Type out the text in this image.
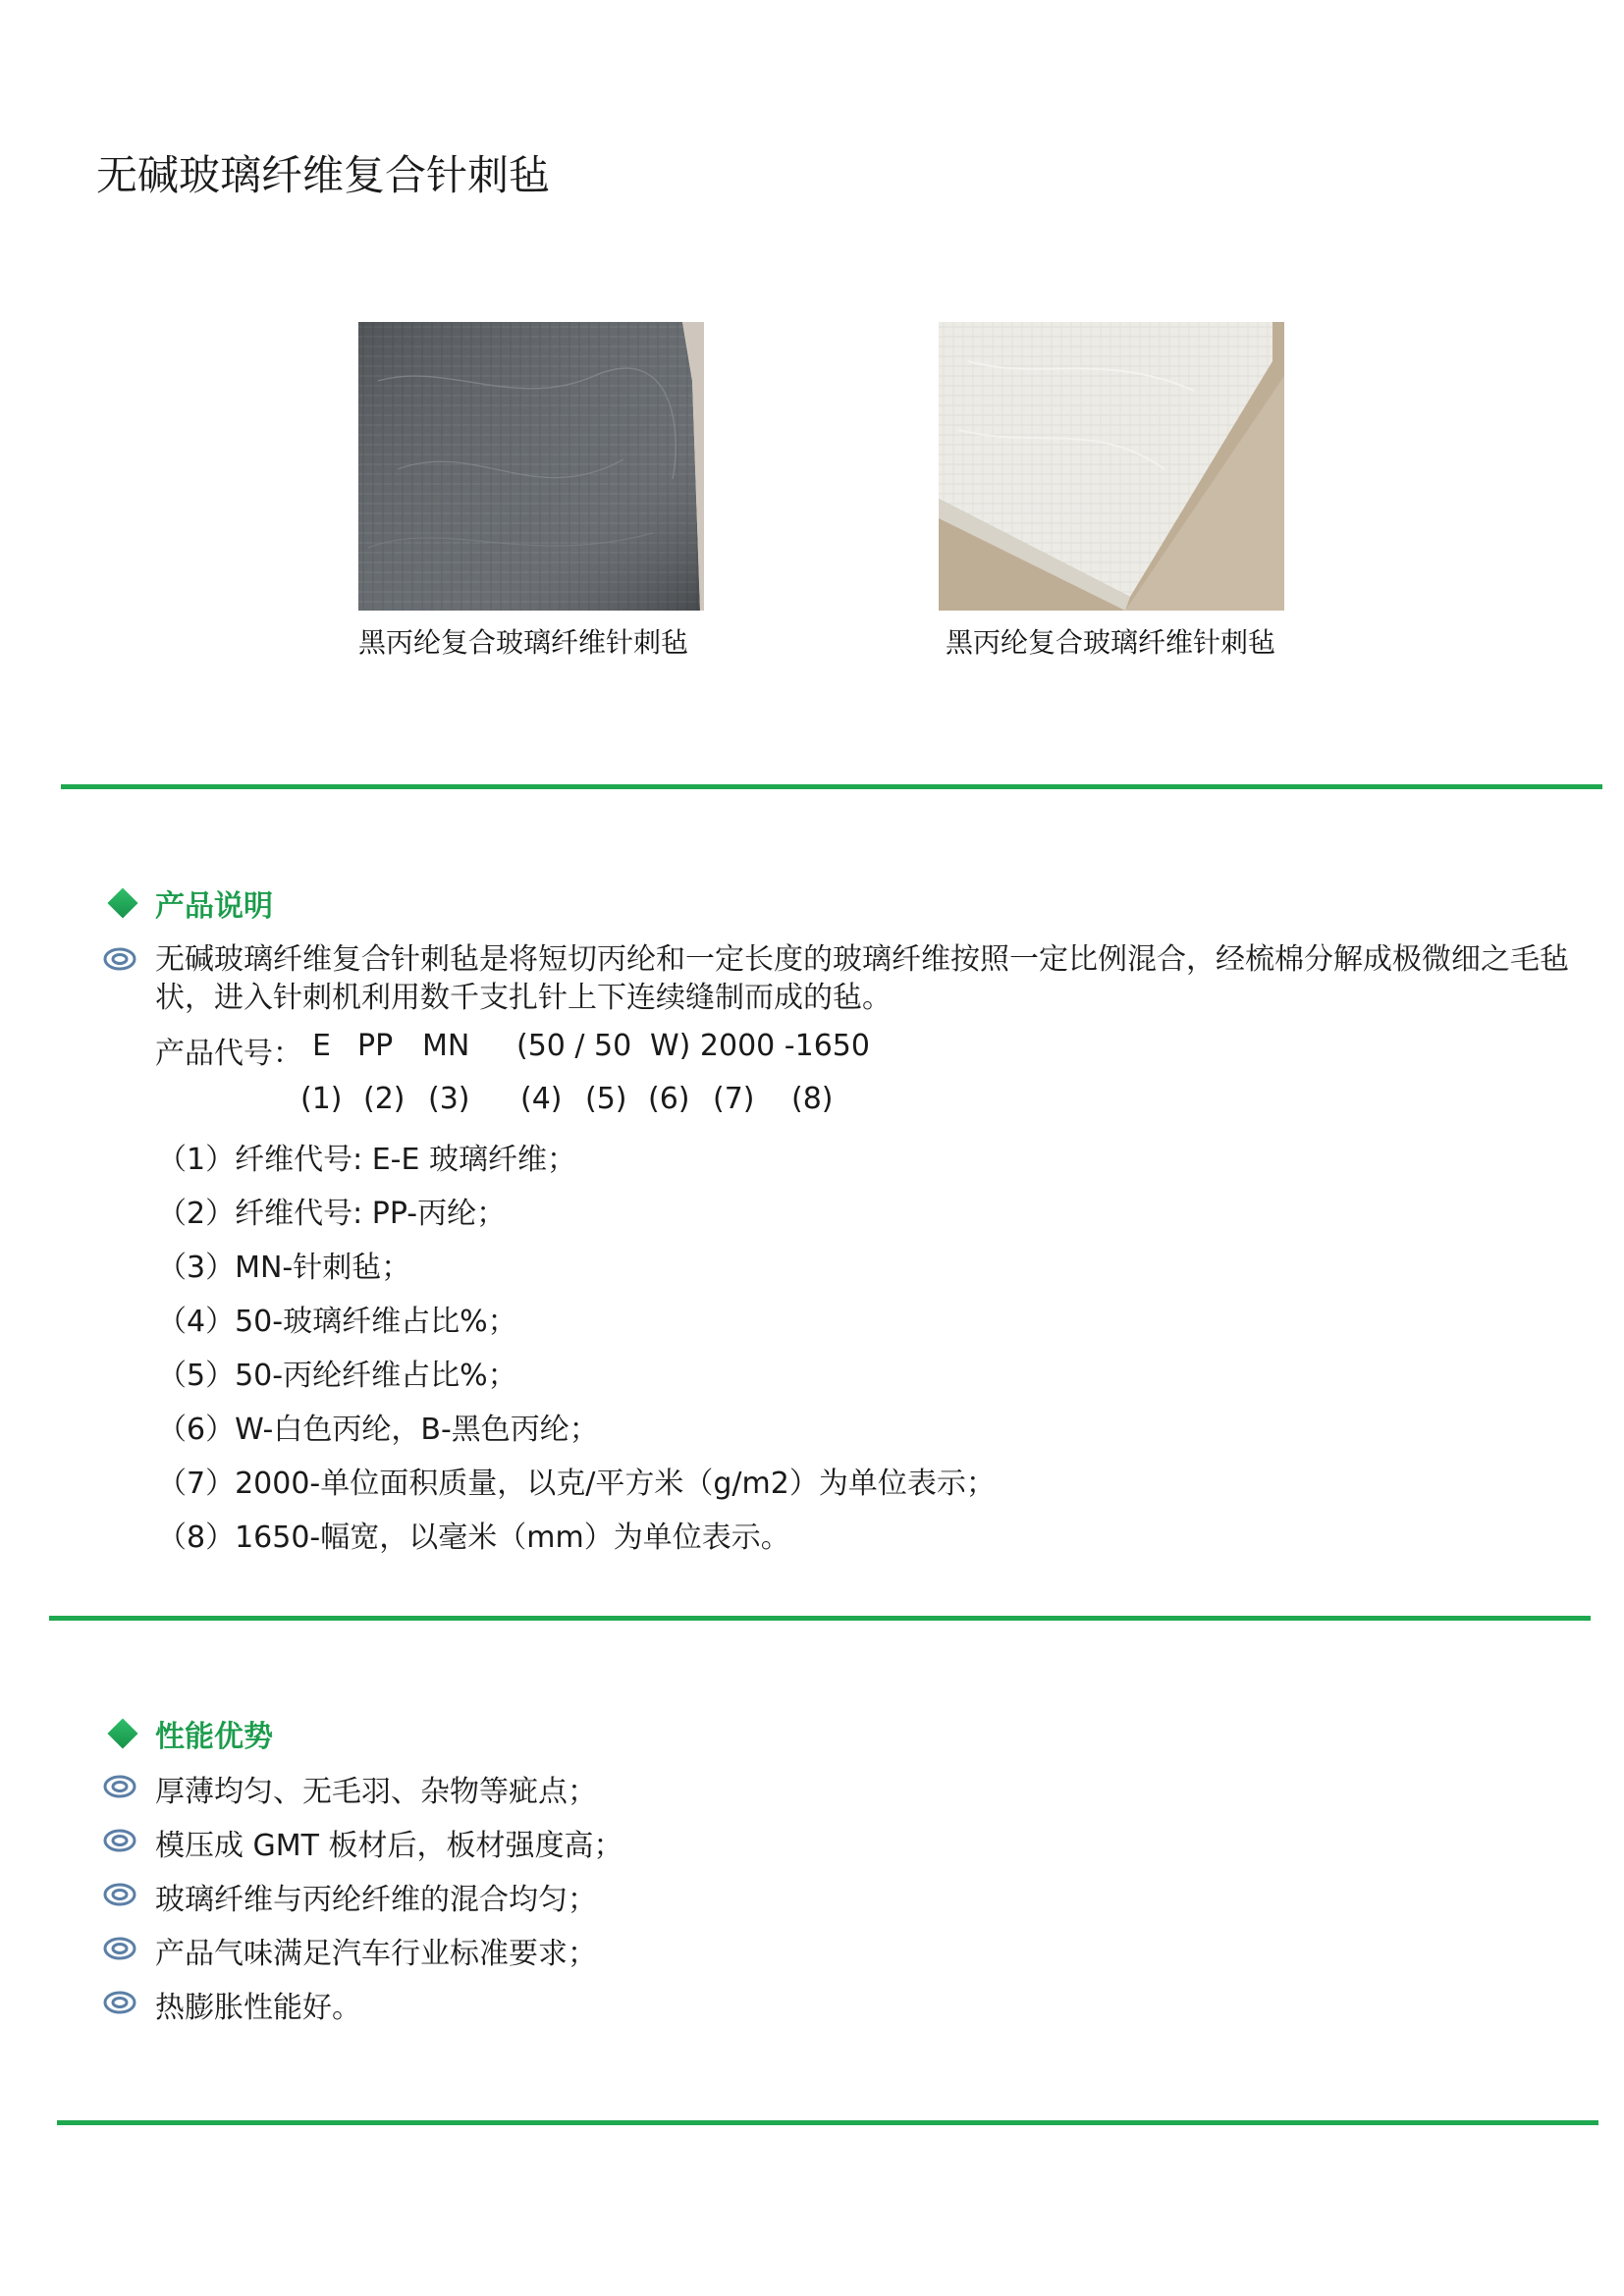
无碱玻璃纤维复合针刺毡
黑丙纶复合玻璃纤维针刺毡	黑丙纶复合玻璃纤维针刺毡
产品说明
无碱玻璃纤维复合针刺毡是将短切丙纶和一定长度的玻璃纤维按照一定比例混合，经梳棉分解成极微细之毛毡状，进入针刺机利用数千支扎针上下连续缝制而成的毡。
产品代号： E PP MN (50 / 50 W) 2000 -1650
(1) (2) (3) (4) (5) (6) (7) (8)
（1）纤维代号: E-E 玻璃纤维；
（2）纤维代号: PP-丙纶；
（3）MN-针刺毡；
（4）50-玻璃纤维占比%；
（5）50-丙纶纤维占比%；
（6）W-白色丙纶，B-黑色丙纶；
（7）2000-单位面积质量，以克/平方米（g/m2）为单位表示；
（8）1650-幅宽，以毫米（mm）为单位表示。
性能优势
厚薄均匀、无毛羽、杂物等疵点；
模压成 GMT 板材后，板材强度高；
玻璃纤维与丙纶纤维的混合均匀；
产品气味满足汽车行业标准要求；
热膨胀性能好。
